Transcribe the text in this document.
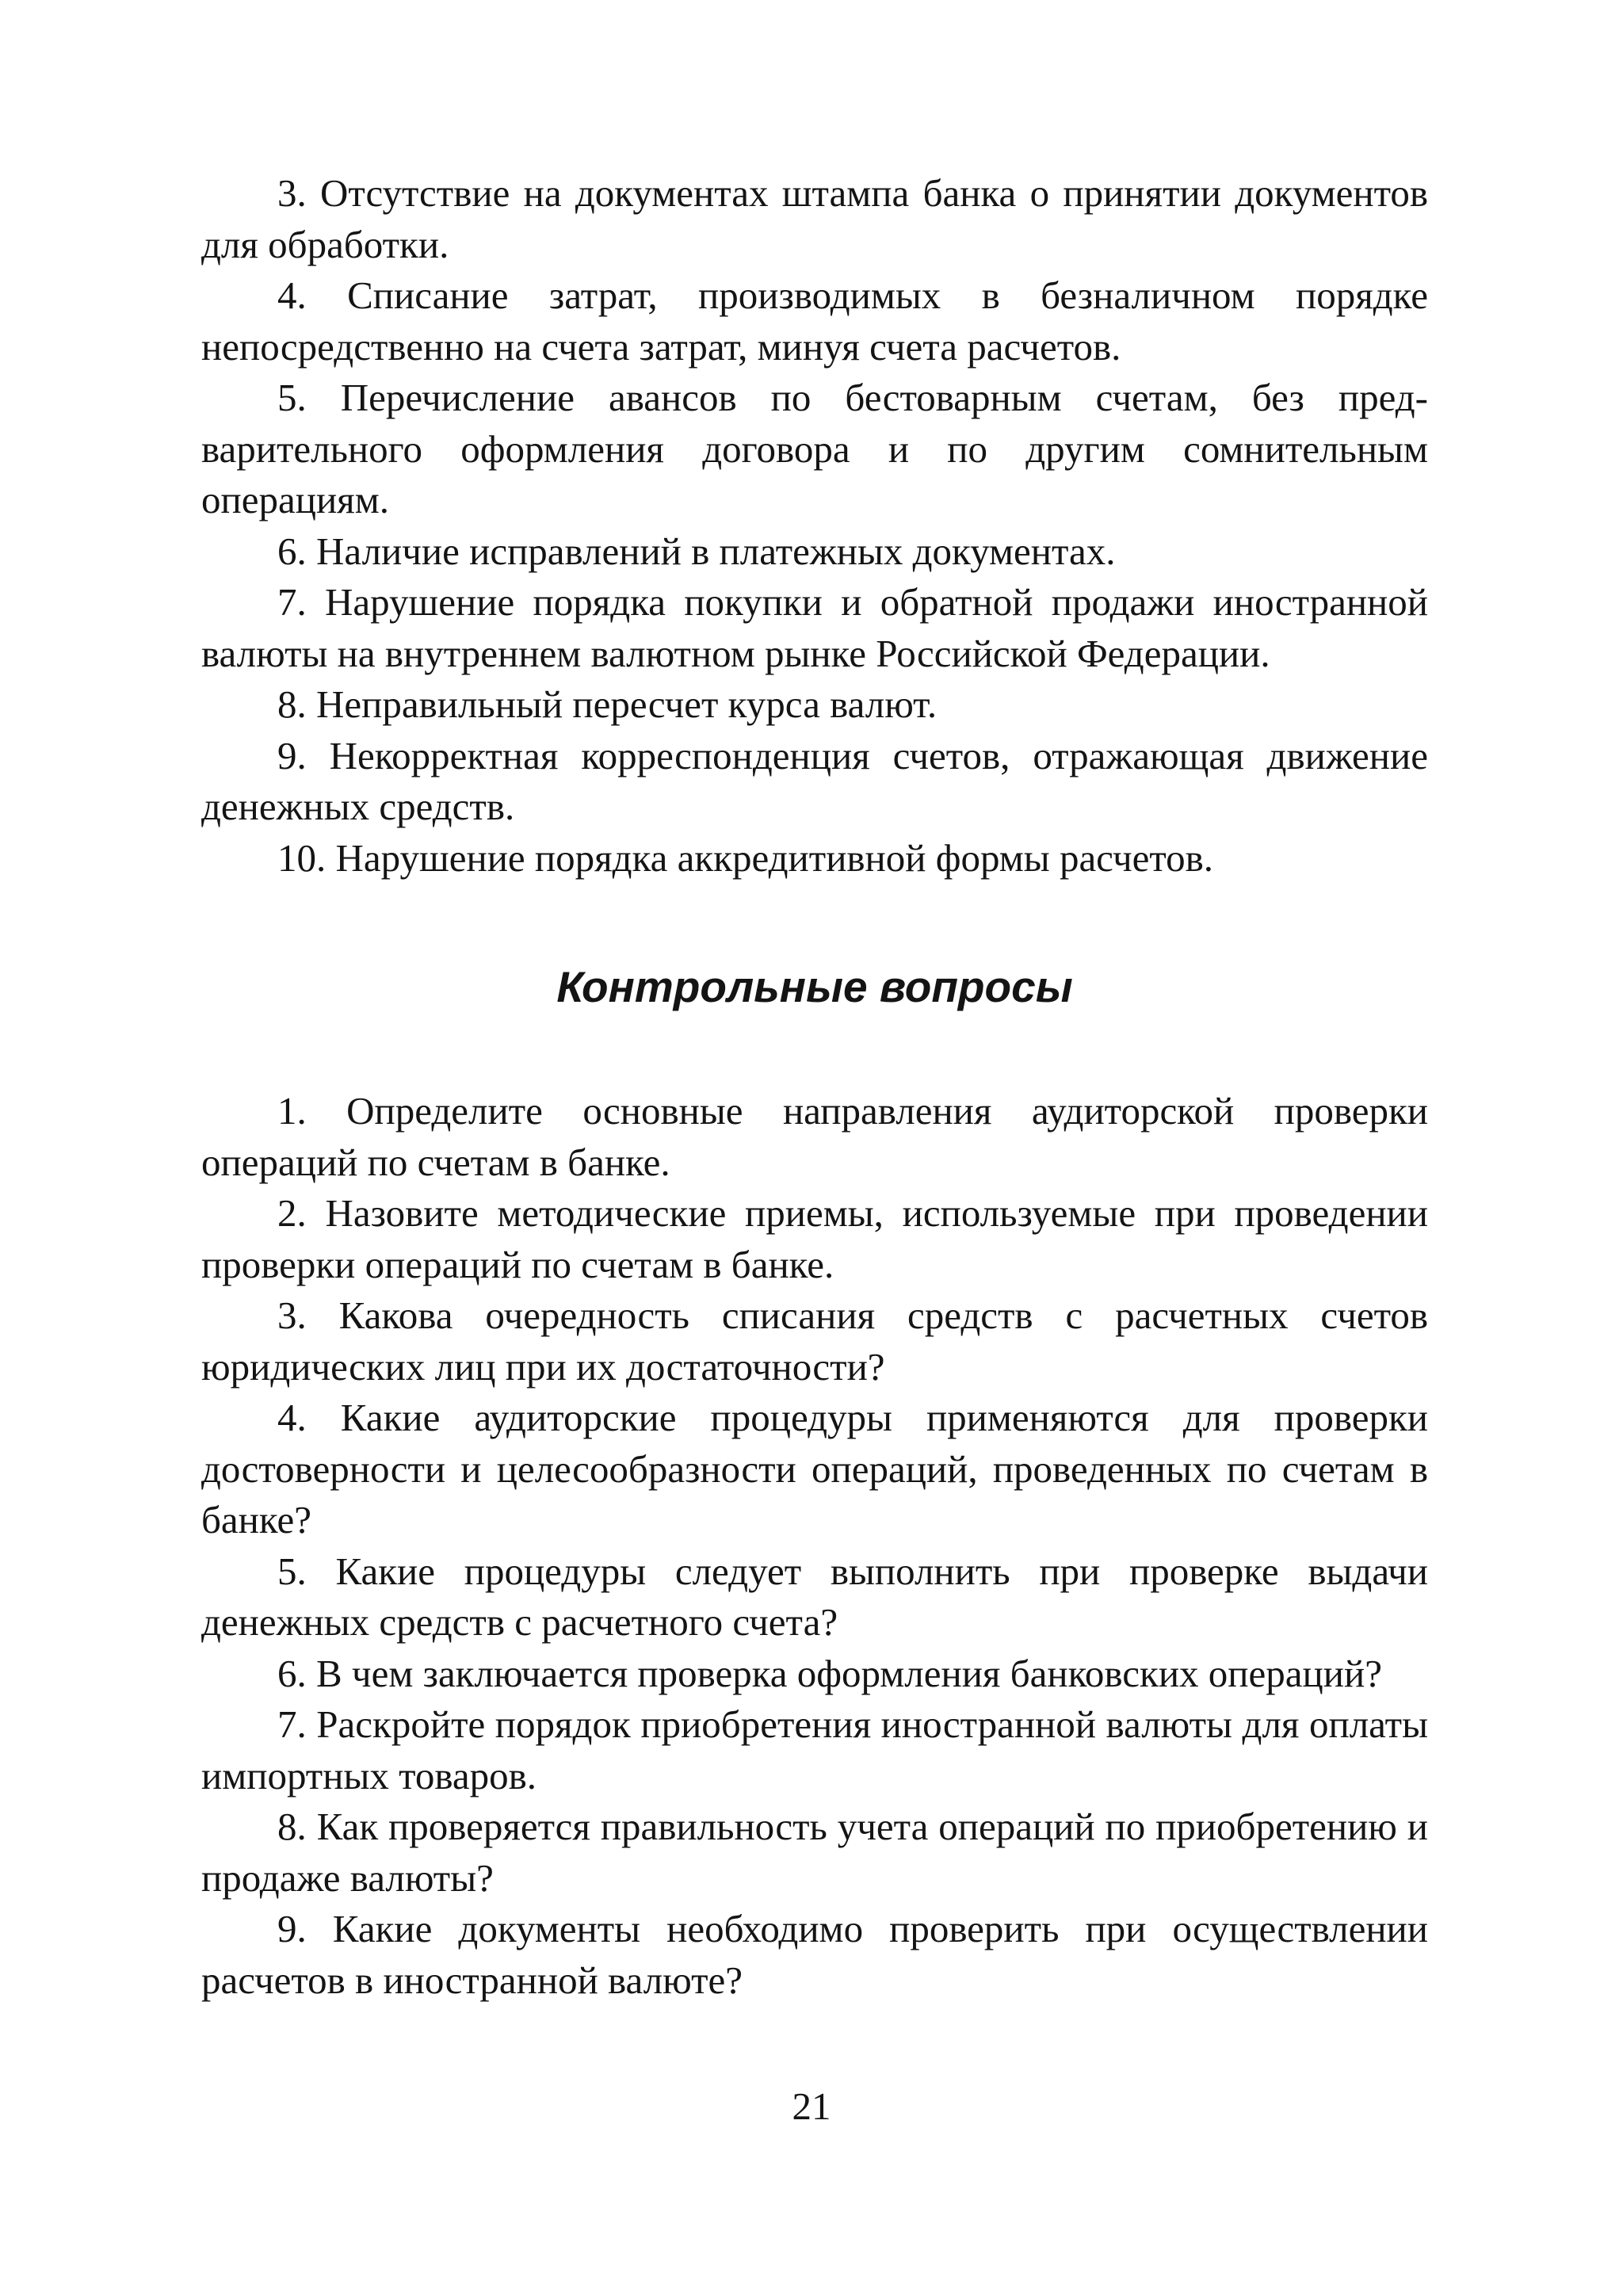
3. Отсутствие на документах штампа банка о принятии документов для обработки.

4. Списание затрат, производимых в безналичном порядке непосредственно на счета затрат, минуя счета расчетов.

5. Перечисление авансов по бестоварным счетам, без предварительного оформления договора и по другим сомнительным операциям.

6. Наличие исправлений в платежных документах.

7. Нарушение порядка покупки и обратной продажи иностранной валюты на внутреннем валютном рынке Российской Федерации.

8. Неправильный пересчет курса валют.

9. Некорректная корреспонденция счетов, отражающая движение денежных средств.

10. Нарушение порядка аккредитивной формы расчетов.

Контрольные вопросы

1. Определите основные направления аудиторской проверки операций по счетам в банке.

2. Назовите методические приемы, используемые при проведении проверки операций по счетам в банке.

3. Какова очередность списания средств с расчетных счетов юридических лиц при их достаточности?

4. Какие аудиторские процедуры применяются для проверки достоверности и целесообразности операций, проведенных по счетам в банке?

5. Какие процедуры следует выполнить при проверке выдачи денежных средств с расчетного счета?

6. В чем заключается проверка оформления банковских операций?

7. Раскройте порядок приобретения иностранной валюты для оплаты импортных товаров.

8. Как проверяется правильность учета операций по приобретению и продаже валюты?

9. Какие документы необходимо проверить при осуществлении расчетов в иностранной валюте?

21
